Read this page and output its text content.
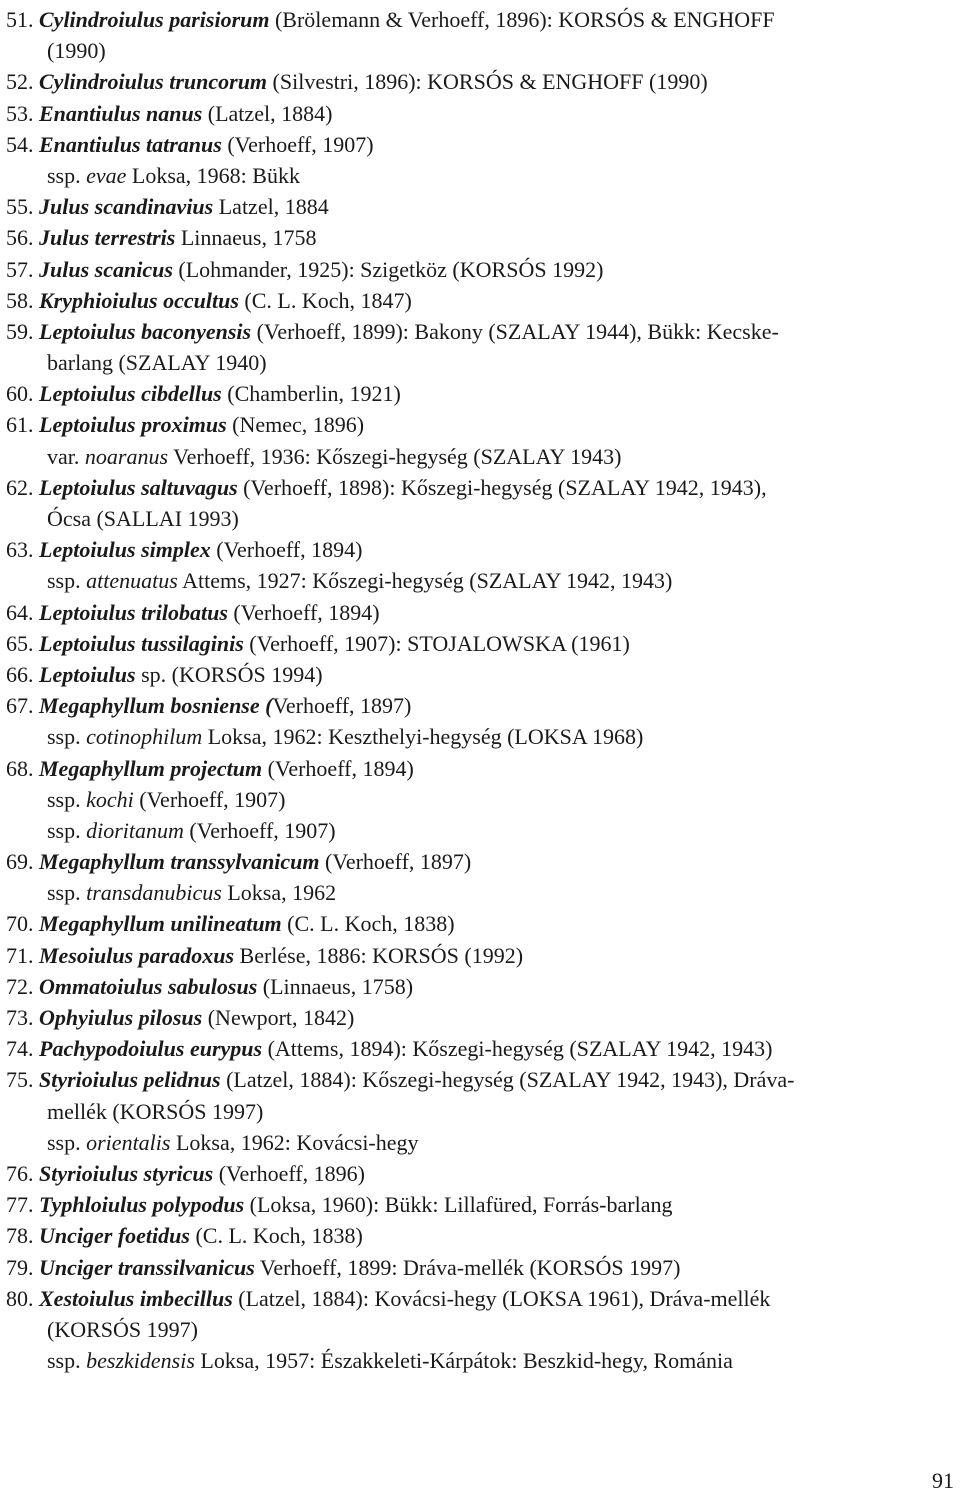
51. Cylindroiulus parisiorum (Brölemann & Verhoeff, 1896): KORSÓS & ENGHOFF
(1990)
52. Cylindroiulus truncorum (Silvestri, 1896): KORSÓS & ENGHOFF (1990)
53. Enantiulus nanus (Latzel, 1884)
54. Enantiulus tatranus (Verhoeff, 1907)
ssp. evae Loksa, 1968: Bükk
55. Julus scandinavius Latzel, 1884
56. Julus terrestris Linnaeus, 1758
57. Julus scanicus (Lohmander, 1925): Szigetköz (KORSÓS 1992)
58. Kryphioiulus occultus (C. L. Koch, 1847)
59. Leptoiulus baconyensis (Verhoeff, 1899): Bakony (SZALAY 1944), Bükk: Kecske-
barlang (SZALAY 1940)
60. Leptoiulus cibdellus (Chamberlin, 1921)
61. Leptoiulus proximus (Nemec, 1896)
var. noaranus Verhoeff, 1936: Kőszegi-hegység (SZALAY 1943)
62. Leptoiulus saltuvagus (Verhoeff, 1898): Kőszegi-hegység (SZALAY 1942, 1943),
Ócsa (SALLAI 1993)
63. Leptoiulus simplex (Verhoeff, 1894)
ssp. attenuatus Attems, 1927: Kőszegi-hegység (SZALAY 1942, 1943)
64. Leptoiulus trilobatus (Verhoeff, 1894)
65. Leptoiulus tussilaginis (Verhoeff, 1907): STOJALOWSKA (1961)
66. Leptoiulus sp. (KORSÓS 1994)
67. Megaphyllum bosniense (Verhoeff, 1897)
ssp. cotinophilum Loksa, 1962: Keszthelyi-hegység (LOKSA 1968)
68. Megaphyllum projectum (Verhoeff, 1894)
ssp. kochi (Verhoeff, 1907)
ssp. dioritanum (Verhoeff, 1907)
69. Megaphyllum transsylvanicum (Verhoeff, 1897)
ssp. transdanubicus Loksa, 1962
70. Megaphyllum unilineatum (C. L. Koch, 1838)
71. Mesoiulus paradoxus Berlése, 1886: KORSÓS (1992)
72. Ommatoiulus sabulosus (Linnaeus, 1758)
73. Ophyiulus pilosus (Newport, 1842)
74. Pachypodoiulus eurypus (Attems, 1894): Kőszegi-hegység (SZALAY 1942, 1943)
75. Styrioiulus pelidnus (Latzel, 1884): Kőszegi-hegység (SZALAY 1942, 1943), Dráva-
mellék (KORSÓS 1997)
ssp. orientalis Loksa, 1962: Kovácsi-hegy
76. Styrioiulus styricus (Verhoeff, 1896)
77. Typhloiulus polypodus (Loksa, 1960): Bükk: Lillafüred, Forrás-barlang
78. Unciger foetidus (C. L. Koch, 1838)
79. Unciger transsilvanicus Verhoeff, 1899: Dráva-mellék (KORSÓS 1997)
80. Xestoiulus imbecillus (Latzel, 1884): Kovácsi-hegy (LOKSA 1961), Dráva-mellék
(KORSÓS 1997)
ssp. beszkidensis Loksa, 1957: Északkeleti-Kárpátok: Beszkid-hegy, Románia
91
